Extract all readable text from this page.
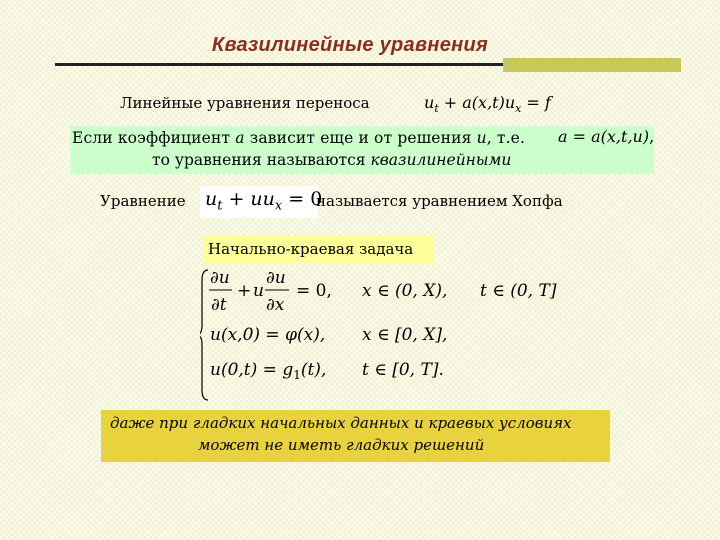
Квазилинейные уравнения
Линейные уравнения переноса	$u_t + a(x,t)u_x = f$
Если коэффициент a зависит еще и от решения u, т.е. a = a(x,t,u),
то уравнения называются квазилинейными
Уравнение $u_t + uu_x = 0$
называется уравнением Хопфа
Начально-краевая задача
∂u
∂t
+ u
∂u
∂x
= 0, x ∈ (0, X), t ∈ (0, T]
u(x,0) = φ(x), x ∈ [0, X],
$u(0,t) = g_1(t)$, t ∈ [0, T].
даже при гладких начальных данных и краевых условиях
может не иметь гладких решений
